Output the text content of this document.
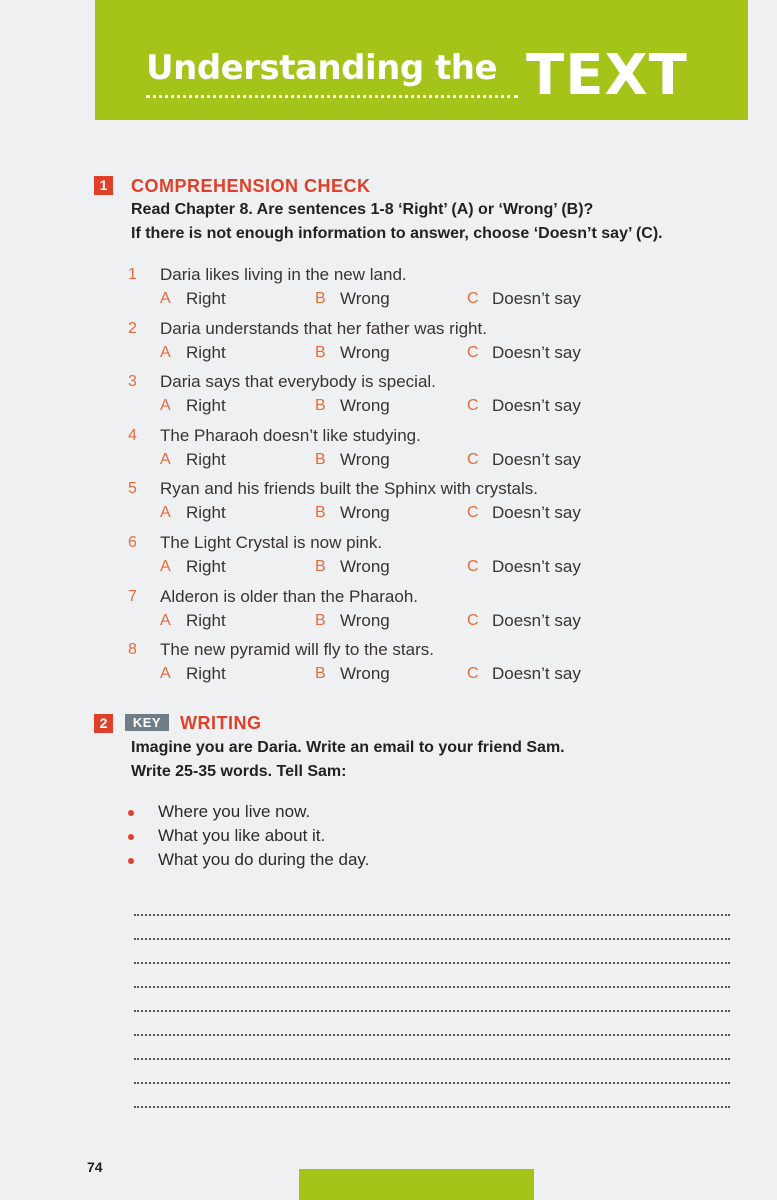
Understanding the TEXT
1	COMPREHENSION CHECK
Read Chapter 8. Are sentences 1-8 ‘Right’ (A) or ‘Wrong’ (B)?
If there is not enough information to answer, choose ‘Doesn’t say’ (C).
1 Daria likes living in the new land.
A Right	B Wrong	C Doesn’t say
2 Daria understands that her father was right.
A Right	B Wrong	C Doesn’t say
3 Daria says that everybody is special.
A Right	B Wrong	C Doesn’t say
4 The Pharaoh doesn’t like studying.
A Right	B Wrong	C Doesn’t say
5 Ryan and his friends built the Sphinx with crystals.
A Right	B Wrong	C Doesn’t say
6 The Light Crystal is now pink.
A Right	B Wrong	C Doesn’t say
7 Alderon is older than the Pharaoh.
A Right	B Wrong	C Doesn’t say
8 The new pyramid will fly to the stars.
A Right	B Wrong	C Doesn’t say
2	KEY	WRITING
Imagine you are Daria. Write an email to your friend Sam.
Write 25-35 words. Tell Sam:
Where you live now.
What you like about it.
What you do during the day.
74
